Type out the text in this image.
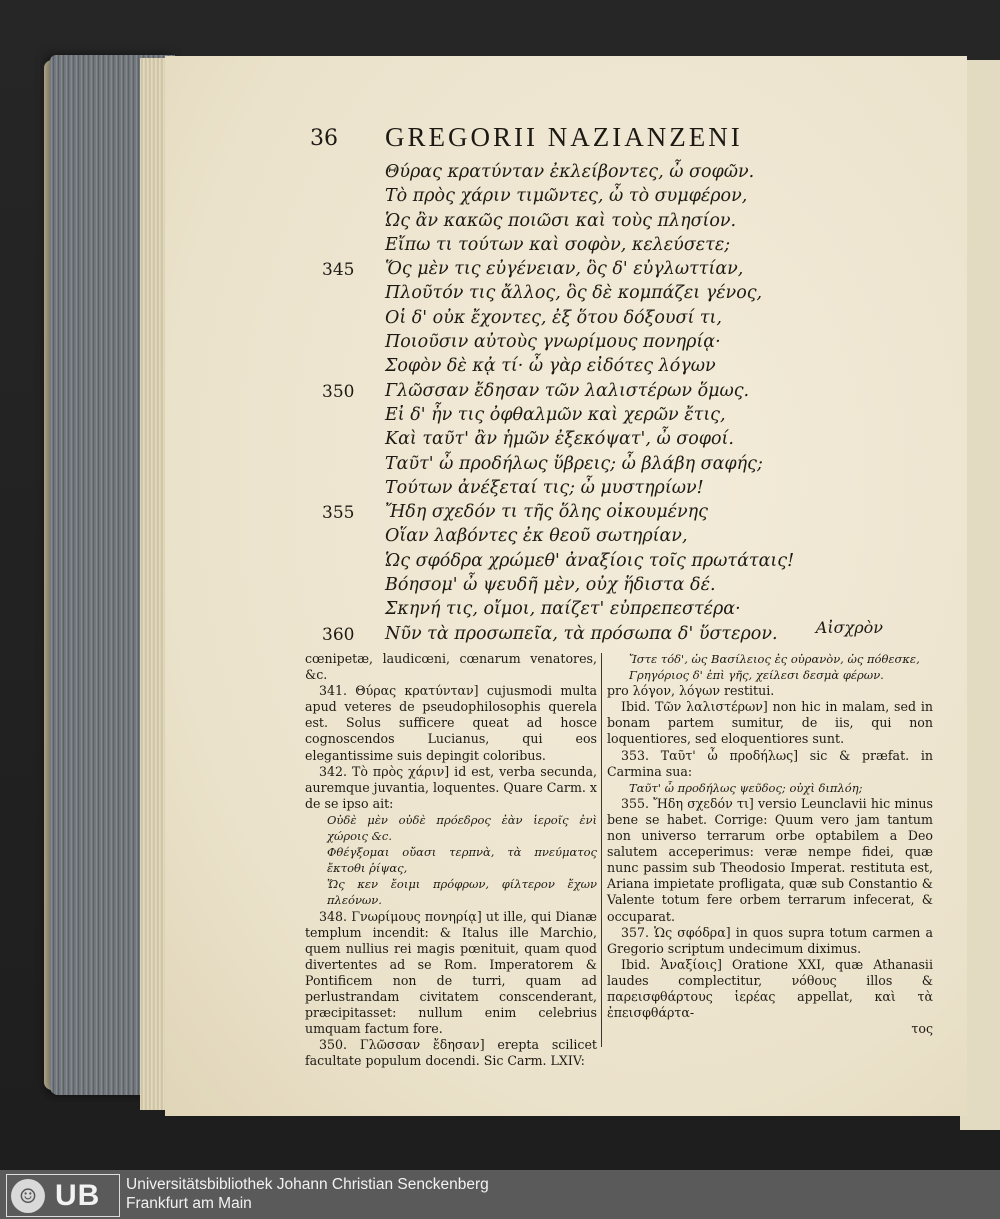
36 GREGORII NAZIANZENI
Θύρας κρατύνταν ἐκλείβοντες, ὦ σοφῶν.
Τὸ πρὸς χάριν τιμῶντες, ὦ τὸ συμφέρον,
Ὡς ἂν κακῶς ποιῶσι καὶ τοὺς πλησίον.
Εἴπω τι τούτων καὶ σοφὸν, κελεύσετε;
345 Ὅς μὲν τις εὐγένειαν, ὃς δ' εὐγλωττίαν,
Πλοῦτόν τις ἄλλος, ὃς δὲ κομπάζει γένος,
Οἱ δ' οὐκ ἔχοντες, ἐξ ὅτου δόξουσί τι,
Ποιοῦσιν αὐτοὺς γνωρίμους πονηρίᾳ·
Σοφὸν δὲ κᾀ τί· ὦ γὰρ εἰδότες λόγων
350 Γλῶσσαν ἔδησαν τῶν λαλιστέρων ὅμως.
Εἰ δ' ἦν τις ὀφθαλμῶν καὶ χερῶν ἔτις,
Καὶ ταῦτ' ἂν ἡμῶν ἐξεκόψατ', ὦ σοφοί.
Ταῦτ' ὦ προδήλως ὕβρεις; ὦ βλάβη σαφής;
Τούτων ἀνέξεταί τις; ὦ μυστηρίων!
355 Ἤδη σχεδόν τι τῆς ὅλης οἰκουμένης
Οἵαν λαβόντες ἐκ θεοῦ σωτηρίαν,
Ὡς σφόδρα χρώμεθ' ἀναξίοις τοῖς πρωτάταις!
Βόησομ' ὦ ψευδῆ μὲν, οὐχ ἥδιστα δέ.
Σκηνή τις, οἴμοι, παίζετ' εὐπρεπεστέρα·
360 Νῦν τὰ προσωπεῖα, τὰ πρόσωπα δ' ὕστερον. Αἰσχρὸν

cœnipetæ, laudicœni, cœnarum venatores, &c.

341. Θύρας κρατύνταν] cujusmodi multa apud veteres de pseudophilosophis querela est. Solus sufficere queat ad hosce cognoscendos Lucianus, qui eos elegantissime suis depingit coloribus.

342. Τὸ πρὸς χάριν] id est, verba secunda, auremque juvantia, loquentes. Quare Carm. x de se ipso ait:

Οὐδὲ μὲν οὐδὲ πρόεδρος ἐὰν ἱεροῖς ἐνὶ χώροις &c.

Φθέγξομαι οὔασι τερπνὰ, τὰ πνεύματος ἔκτοθι ῥίψας,

Ὥς κεν ἔοιμι πρόφρων, φίλτερον ἔχων πλεόνων.

348. Γνωρίμους πονηρίᾳ] ut ille, qui Dianæ templum incendit: & Italus ille Marchio, quem nullius rei magis pœnituit, quam quod divertentes ad se Rom. Imperatorem & Pontificem non de turri, quam ad perlustrandam civitatem conscenderant, præcipitasset: nullum enim celebrius umquam factum fore.

350. Γλῶσσαν ἔδησαν] erepta scilicet facultate populum docendi. Sic Carm. LXIV:

Ἴστε τόδ', ὡς Βασίλειος ἐς οὐρανὸν, ὡς πόθεσκε,

Γρηγόριος δ' ἐπὶ γῆς, χείλεσι δεσμὰ φέρων.

pro λόγον, λόγων restitui.

Ibid. Τῶν λαλιστέρων] non hic in malam, sed in bonam partem sumitur, de iis, qui non loquentiores, sed eloquentiores sunt.

353. Ταῦτ' ὦ προδήλως] sic & præfat. in Carmina sua:

Ταῦτ' ὦ προδήλως ψεῦδος; οὐχὶ διπλόη;

355. Ἤδη σχεδόν τι] versio Leunclavii hic minus bene se habet. Corrige: Quum vero jam tantum non universo terrarum orbe optabilem a Deo salutem acceperimus: veræ nempe fidei, quæ nunc passim sub Theodosio Imperat. restituta est, Ariana impietate profligata, quæ sub Constantio & Valente totum fere orbem terrarum infecerat, & occuparat.

357. Ὡς σφόδρα] in quos supra totum carmen a Gregorio scriptum undecimum diximus.

Ibid. Ἀναξίοις] Oratione XXI, quæ Athanasii laudes complectitur, νόθους illos & παρεισφθάρτους ἱερέας appellat, καὶ τὰ ἐπεισφθάρτα-

τος

☺ UB Universitätsbibliothek Johann Christian Senckenberg
Frankfurt am Main
